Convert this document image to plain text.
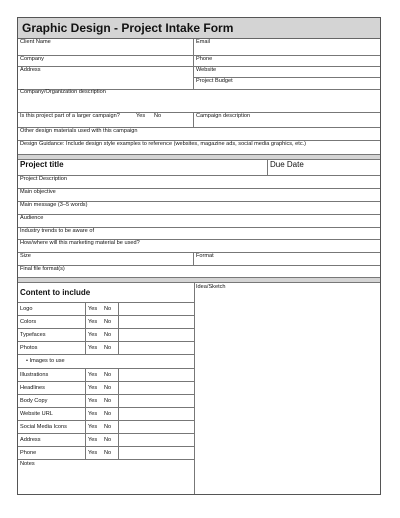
Graphic Design - Project Intake Form
Client Name	Email
Company	Phone
Address	Website
Project Budget
Company/Organization description
Is this project part of a larger campaign?	Yes No	Campaign description
Other design materials used with this campaign
Design Guidance: Include design style examples to reference (websites, magazine ads, social media graphics, etc.)
Project title	Due Date
Project Description
Main objective
Main message (3–5 words)
Audience
Industry trends to be aware of
How/where will this marketing material be used?
Size	Format
Final file format(s)
Idea/Sketch
Content to include
Logo	Yes No
Colors	Yes No
Typefaces	Yes No
Photos	Yes No
• Images to use
Illustrations	Yes No
Headlines	Yes No
Body Copy	Yes No
Website URL	Yes No
Social Media Icons	Yes No
Address	Yes No
Phone	Yes No
Notes
